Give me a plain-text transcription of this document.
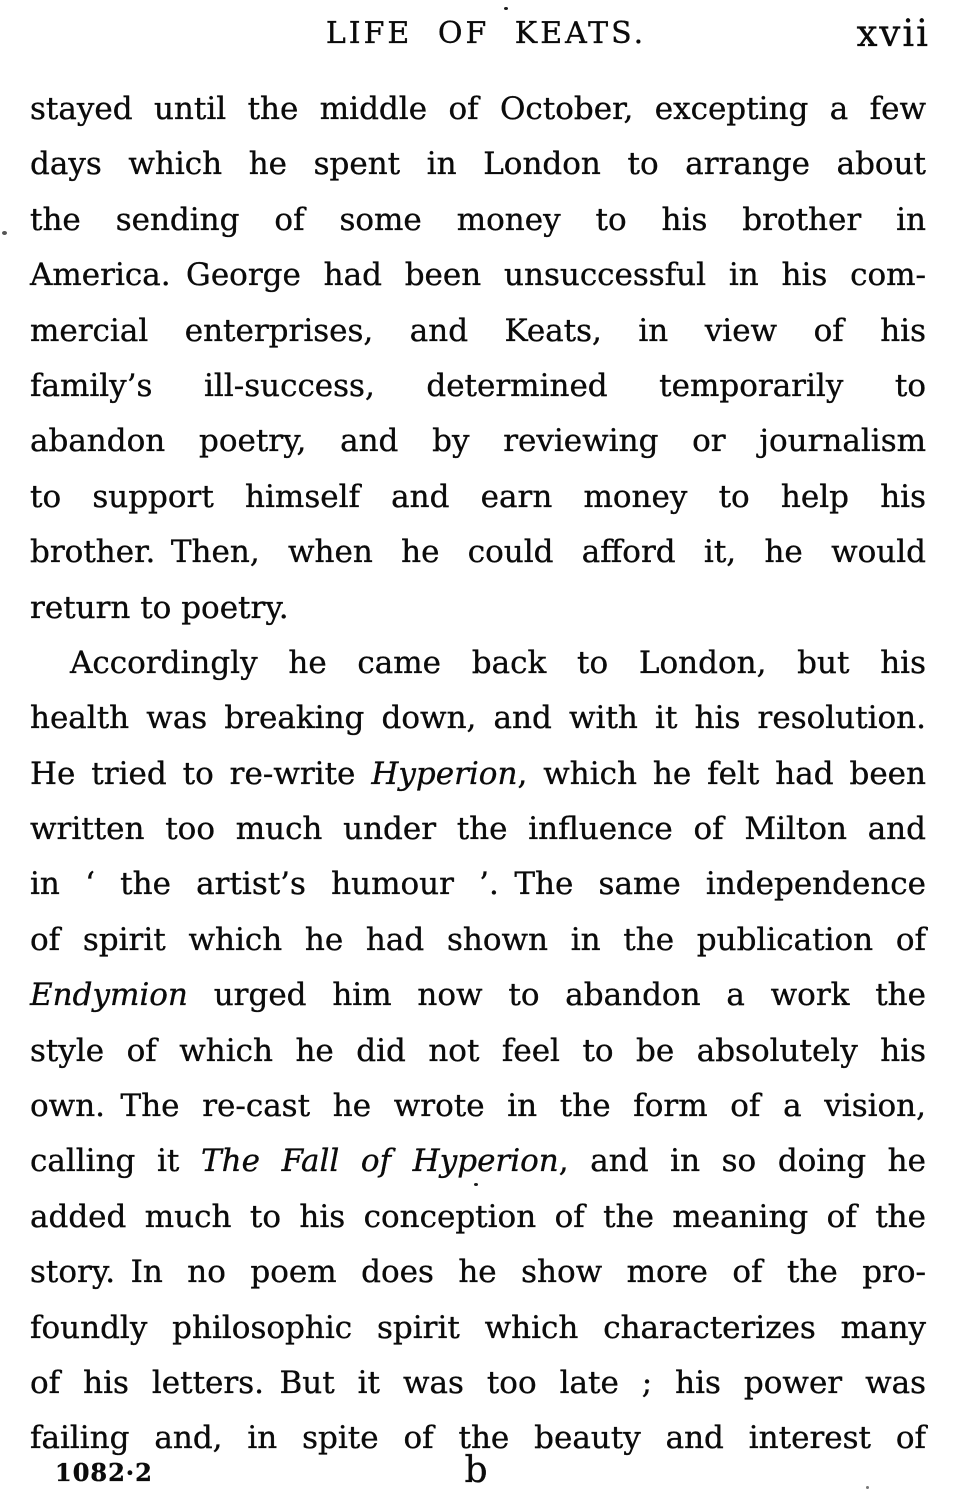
LIFE OF KEATS.	xvii
stayed until the middle of October, excepting a few
days which he spent in London to arrange about
the sending of some money to his brother in
America. George had been unsuccessful in his com-
mercial enterprises, and Keats, in view of his
family’s ill-success, determined temporarily to
abandon poetry, and by reviewing or journalism
to support himself and earn money to help his
brother. Then, when he could afford it, he would
return to poetry.
Accordingly he came back to London, but his
health was breaking down, and with it his resolution.
He tried to re-write Hyperion, which he felt had been
written too much under the influence of Milton and
in ‘ the artist’s humour ’. The same independence
of spirit which he had shown in the publication of
Endymion urged him now to abandon a work the
style of which he did not feel to be absolutely his
own. The re-cast he wrote in the form of a vision,
calling it The Fall of Hyperion, and in so doing he
added much to his conception of the meaning of the
story. In no poem does he show more of the pro-
foundly philosophic spirit which characterizes many
of his letters. But it was too late ; his power was
failing and, in spite of the beauty and interest of
1082·2	b
